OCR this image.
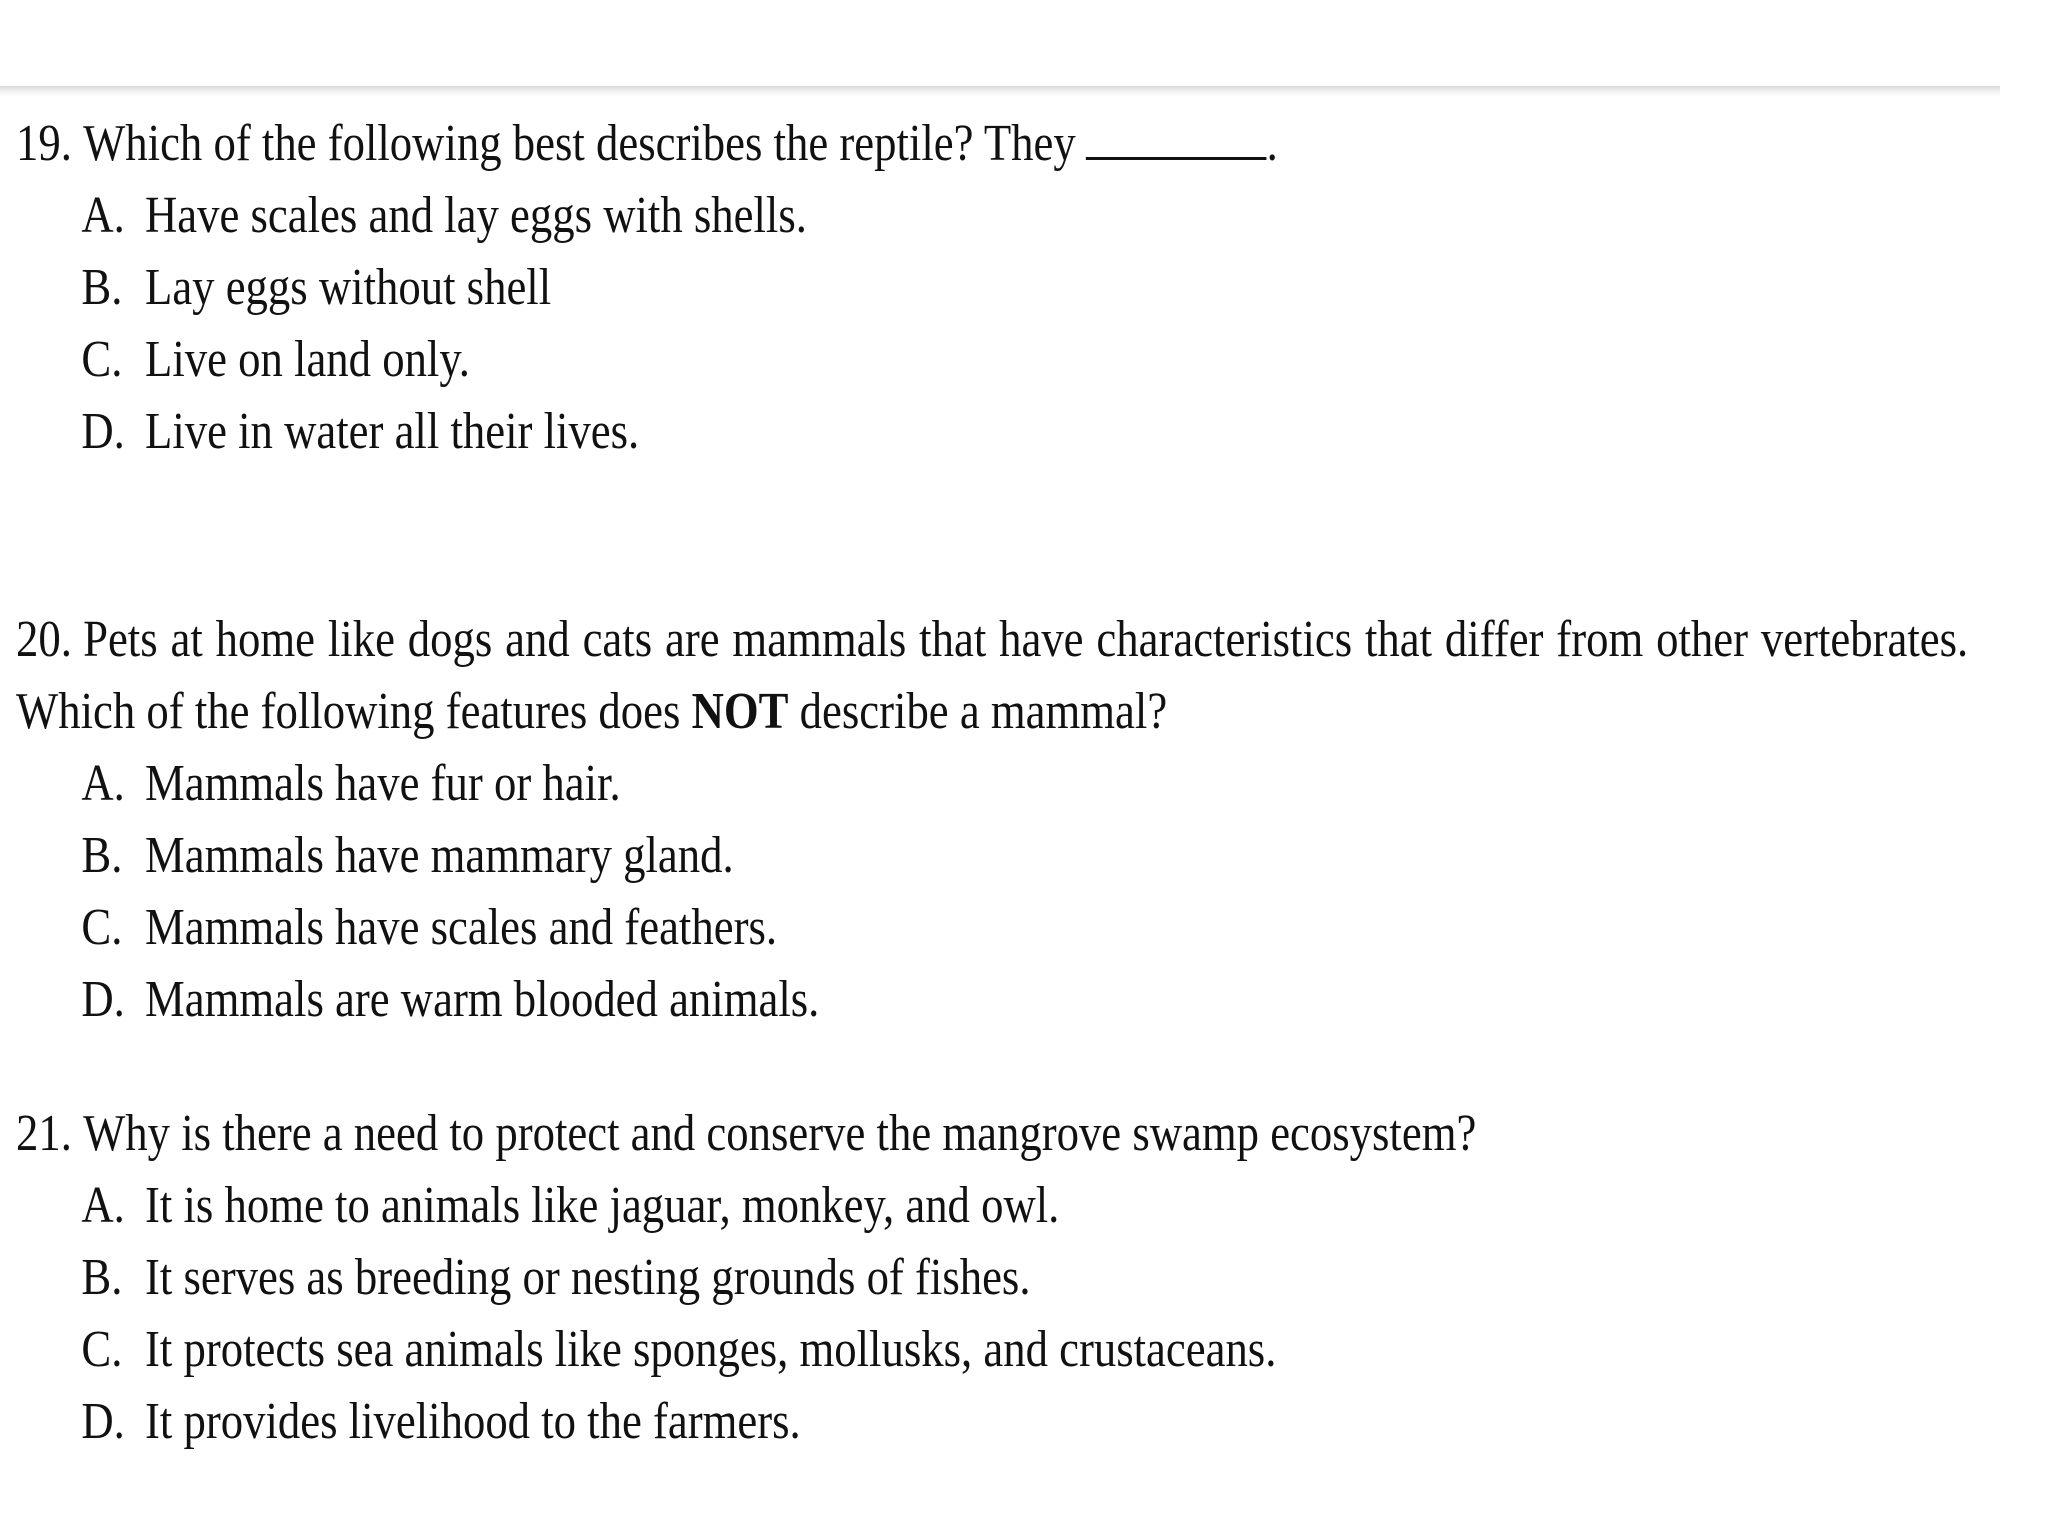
19. Which of the following best describes the reptile? They	.
A. Have scales and lay eggs with shells.
B. Lay eggs without shell
C. Live on land only.
D. Live in water all their lives.
20. Pets at home like dogs and cats are mammals that have characteristics that differ from other vertebrates. Which of the following features does NOT describe a mammal?
A. Mammals have fur or hair.
B. Mammals have mammary gland.
C. Mammals have scales and feathers.
D. Mammals are warm blooded animals.
21. Why is there a need to protect and conserve the mangrove swamp ecosystem?
A. It is home to animals like jaguar, monkey, and owl.
B. It serves as breeding or nesting grounds of fishes.
C. It protects sea animals like sponges, mollusks, and crustaceans.
D. It provides livelihood to the farmers.
